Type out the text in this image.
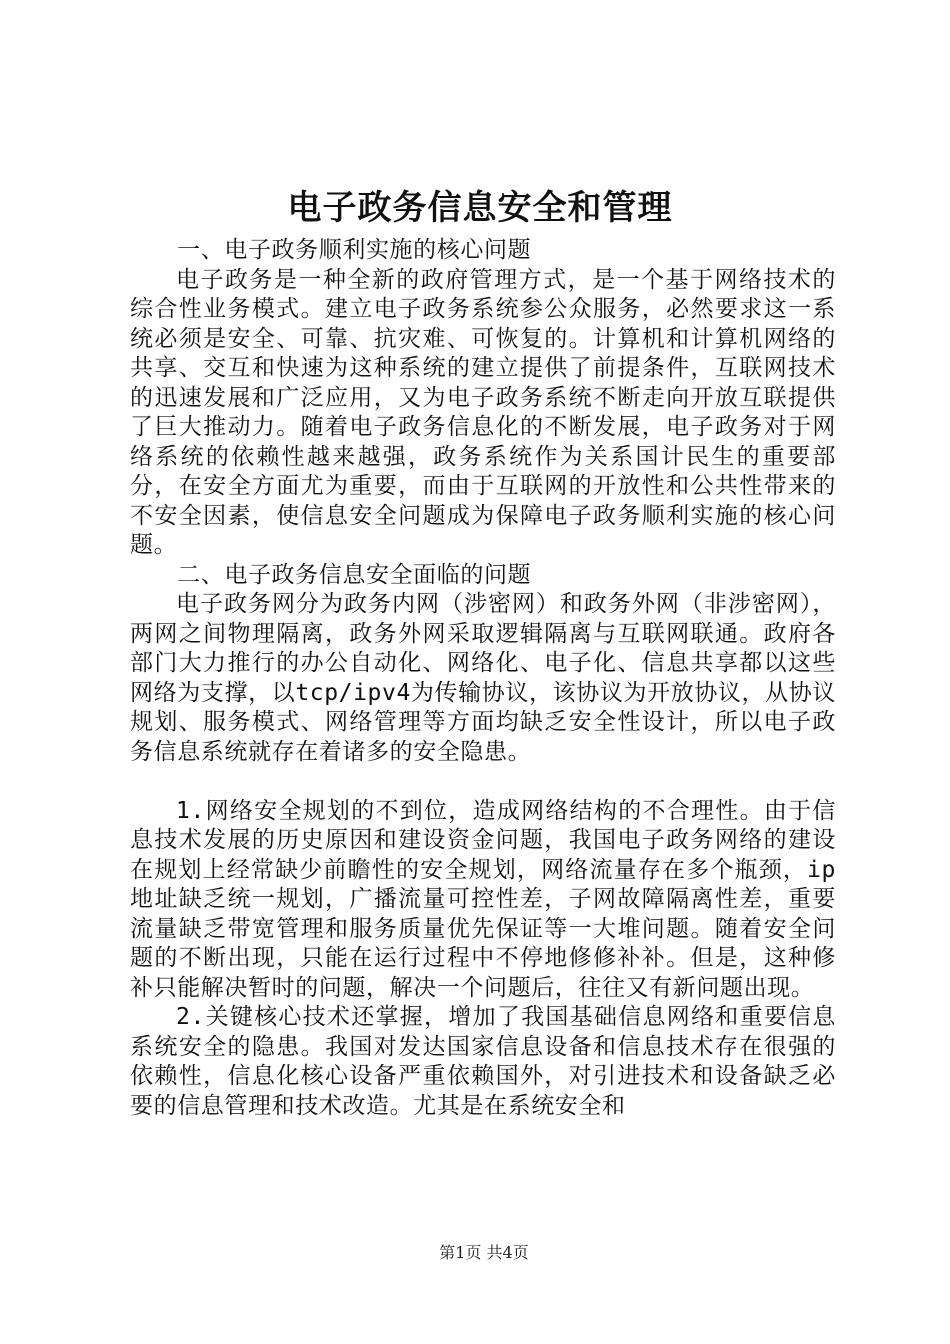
电子政务信息安全和管理

一、电子政务顺利实施的核心问题

电子政务是一种全新的政府管理方式，是一个基于网络技术的综合性业务模式。建立电子政务系统参公众服务，必然要求这一系统必须是安全、可靠、抗灾难、可恢复的。计算机和计算机网络的共享、交互和快速为这种系统的建立提供了前提条件，互联网技术的迅速发展和广泛应用，又为电子政务系统不断走向开放互联提供了巨大推动力。随着电子政务信息化的不断发展，电子政务对于网络系统的依赖性越来越强，政务系统作为关系国计民生的重要部分，在安全方面尤为重要，而由于互联网的开放性和公共性带来的不安全因素，使信息安全问题成为保障电子政务顺利实施的核心问题。

二、电子政务信息安全面临的问题

电子政务网分为政务内网（涉密网）和政务外网（非涉密网），两网之间物理隔离，政务外网采取逻辑隔离与互联网联通。政府各部门大力推行的办公自动化、网络化、电子化、信息共享都以这些网络为支撑，以tcp/ipv4为传输协议，该协议为开放协议，从协议规划、服务模式、网络管理等方面均缺乏安全性设计，所以电子政务信息系统就存在着诸多的安全隐患。

1.网络安全规划的不到位，造成网络结构的不合理性。由于信息技术发展的历史原因和建设资金问题，我国电子政务网络的建设在规划上经常缺少前瞻性的安全规划，网络流量存在多个瓶颈，ip地址缺乏统一规划，广播流量可控性差，子网故障隔离性差，重要流量缺乏带宽管理和服务质量优先保证等一大堆问题。随着安全问题的不断出现，只能在运行过程中不停地修修补补。但是，这种修补只能解决暂时的问题，解决一个问题后，往往又有新问题出现。

2.关键核心技术还掌握，增加了我国基础信息网络和重要信息系统安全的隐患。我国对发达国家信息设备和信息技术存在很强的依赖性，信息化核心设备严重依赖国外，对引进技术和设备缺乏必要的信息管理和技术改造。尤其是在系统安全和

第1页 共4页
